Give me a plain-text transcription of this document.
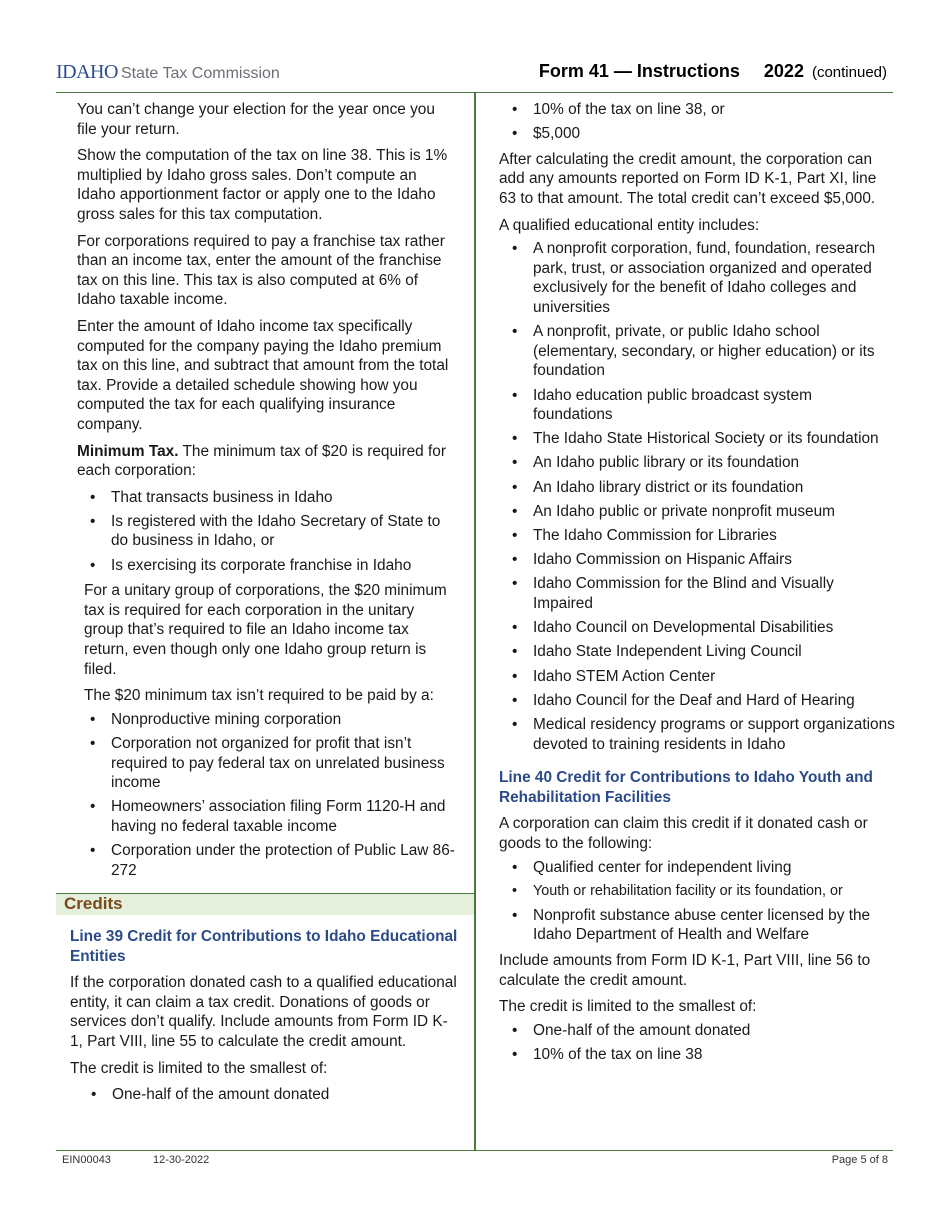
IDAHO State Tax Commission	Form 41 — Instructions 2022 (continued)

You can’t change your election for the year once you file your return.

Show the computation of the tax on line 38. This is 1% multiplied by Idaho gross sales. Don’t compute an Idaho apportionment factor or apply one to the Idaho gross sales for this tax computation.

For corporations required to pay a franchise tax rather than an income tax, enter the amount of the franchise tax on this line. This tax is also computed at 6% of Idaho taxable income.

Enter the amount of Idaho income tax specifically computed for the company paying the Idaho premium tax on this line, and subtract that amount from the total tax. Provide a detailed schedule showing how you computed the tax for each qualifying insurance company.

Minimum Tax. The minimum tax of $20 is required for each corporation:

• That transacts business in Idaho
• Is registered with the Idaho Secretary of State to do business in Idaho, or
• Is exercising its corporate franchise in Idaho

For a unitary group of corporations, the $20 minimum tax is required for each corporation in the unitary group that’s required to file an Idaho income tax return, even though only one Idaho group return is filed.

The $20 minimum tax isn’t required to be paid by a:

• Nonproductive mining corporation
• Corporation not organized for profit that isn’t required to pay federal tax on unrelated business income
• Homeowners’ association filing Form 1120-H and having no federal taxable income
• Corporation under the protection of Public Law 86-272
Credits

Line 39 Credit for Contributions to Idaho Educational Entities

If the corporation donated cash to a qualified educational entity, it can claim a tax credit. Donations of goods or services don’t qualify. Include amounts from Form ID K-1, Part VIII, line 55 to calculate the credit amount.

The credit is limited to the smallest of:

• One-half of the amount donated
• 10% of the tax on line 38, or
• $5,000

After calculating the credit amount, the corporation can add any amounts reported on Form ID K-1, Part XI, line 63 to that amount. The total credit can’t exceed $5,000.

A qualified educational entity includes:

• A nonprofit corporation, fund, foundation, research park, trust, or association organized and operated exclusively for the benefit of Idaho colleges and universities
• A nonprofit, private, or public Idaho school (elementary, secondary, or higher education) or its foundation
• Idaho education public broadcast system foundations
• The Idaho State Historical Society or its foundation
• An Idaho public library or its foundation
• An Idaho library district or its foundation
• An Idaho public or private nonprofit museum
• The Idaho Commission for Libraries
• Idaho Commission on Hispanic Affairs
• Idaho Commission for the Blind and Visually Impaired
• Idaho Council on Developmental Disabilities
• Idaho State Independent Living Council
• Idaho STEM Action Center
• Idaho Council for the Deaf and Hard of Hearing
• Medical residency programs or support organizations devoted to training residents in Idaho

Line 40 Credit for Contributions to Idaho Youth and Rehabilitation Facilities

A corporation can claim this credit if it donated cash or goods to the following:

• Qualified center for independent living
• Youth or rehabilitation facility or its foundation, or
• Nonprofit substance abuse center licensed by the Idaho Department of Health and Welfare

Include amounts from Form ID K-1, Part VIII, line 56 to calculate the credit amount.

The credit is limited to the smallest of:

• One-half of the amount donated
• 10% of the tax on line 38
EIN00043	12-30-2022	Page 5 of 8
